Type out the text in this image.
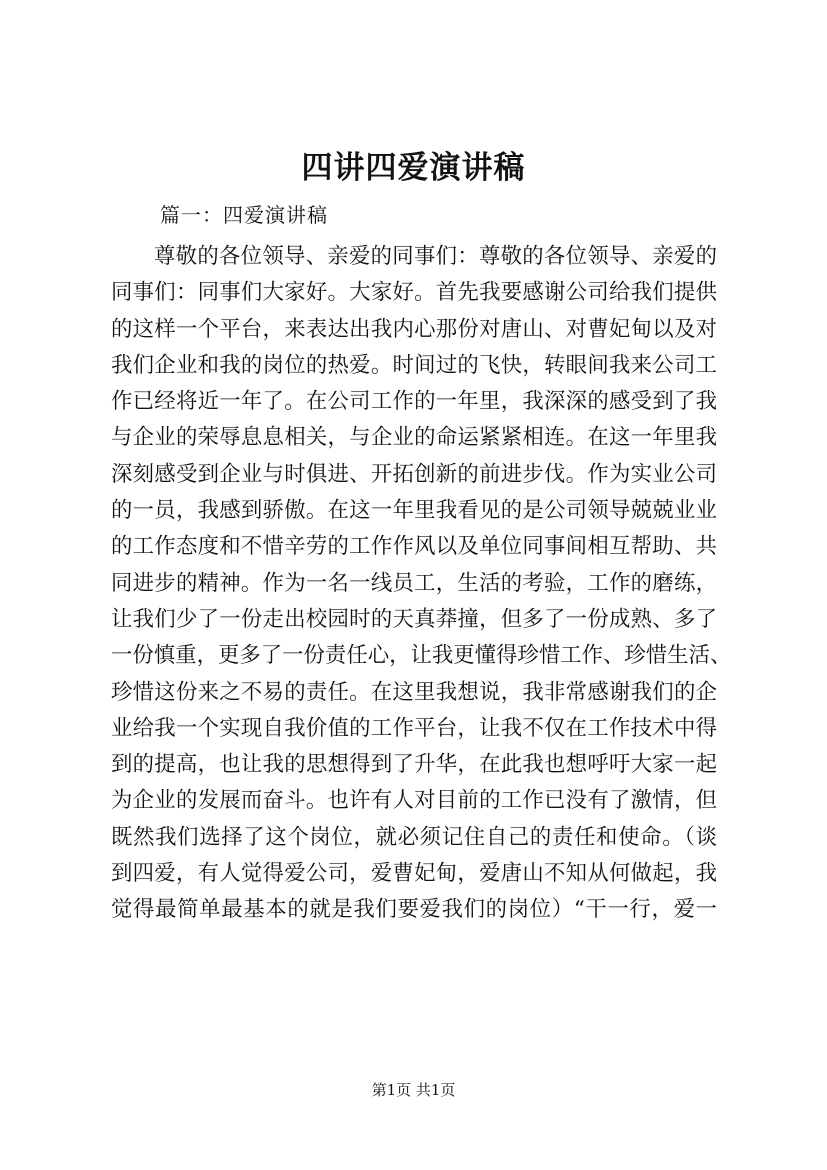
四讲四爱演讲稿
篇一：四爱演讲稿
尊敬的各位领导、亲爱的同事们：尊敬的各位领导、亲爱的
同事们：同事们大家好。大家好。首先我要感谢公司给我们提供
的这样一个平台，来表达出我内心那份对唐山、对曹妃甸以及对
我们企业和我的岗位的热爱。时间过的飞快，转眼间我来公司工
作已经将近一年了。在公司工作的一年里，我深深的感受到了我
与企业的荣辱息息相关，与企业的命运紧紧相连。在这一年里我
深刻感受到企业与时俱进、开拓创新的前进步伐。作为实业公司
的一员，我感到骄傲。在这一年里我看见的是公司领导兢兢业业
的工作态度和不惜辛劳的工作作风以及单位同事间相互帮助、共
同进步的精神。作为一名一线员工，生活的考验，工作的磨练，
让我们少了一份走出校园时的天真莽撞，但多了一份成熟、多了
一份慎重，更多了一份责任心，让我更懂得珍惜工作、珍惜生活、
珍惜这份来之不易的责任。在这里我想说，我非常感谢我们的企
业给我一个实现自我价值的工作平台，让我不仅在工作技术中得
到的提高，也让我的思想得到了升华，在此我也想呼吁大家一起
为企业的发展而奋斗。也许有人对目前的工作已没有了激情，但
既然我们选择了这个岗位，就必须记住自己的责任和使命。（谈
到四爱，有人觉得爱公司，爱曹妃甸，爱唐山不知从何做起，我
觉得最简单最基本的就是我们要爱我们的岗位）“干一行，爱一
第1页 共1页
